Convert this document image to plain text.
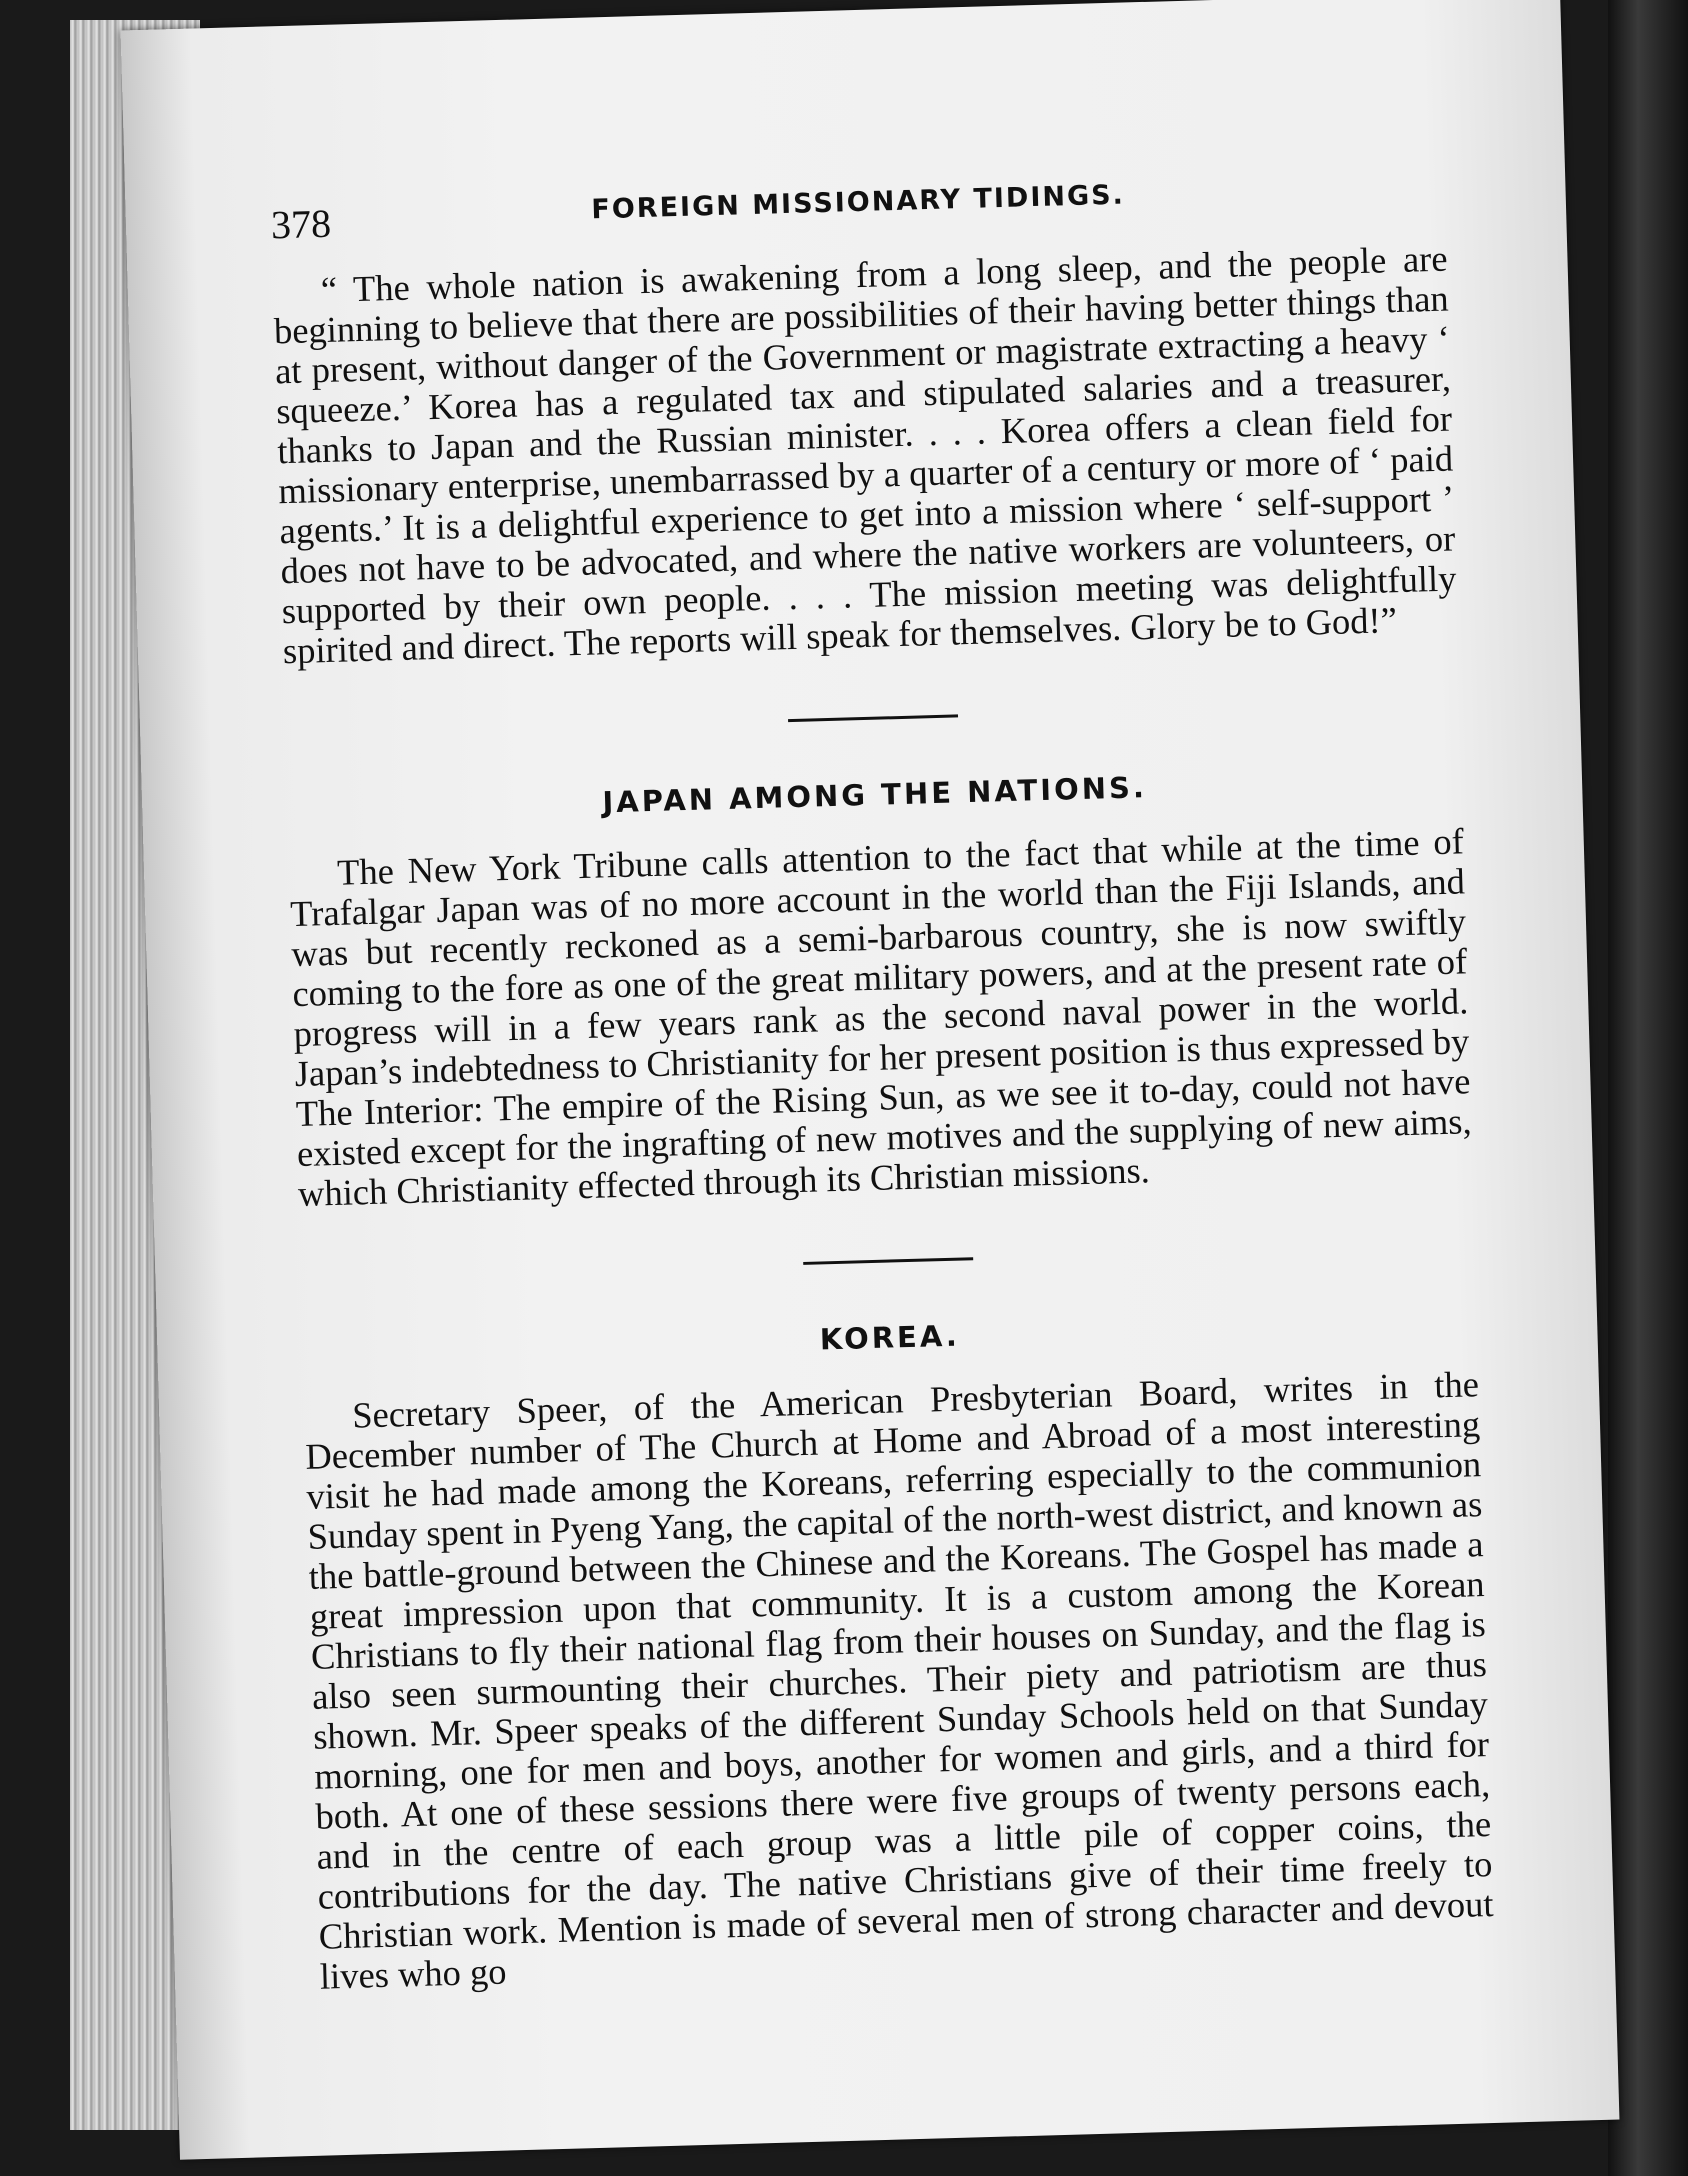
378	FOREIGN MISSIONARY TIDINGS.

“ The whole nation is awakening from a long sleep, and the people are beginning to believe that there are possibilities of their having better things than at present, without danger of the Government or magistrate extracting a heavy ‘ squeeze.’ Korea has a regulated tax and stipulated salaries and a treasurer, thanks to Japan and the Russian minister. . . . Korea offers a clean field for missionary enterprise, unembarrassed by a quarter of a century or more of ‘ paid agents.’ It is a delightful experience to get into a mission where ‘ self-support ’ does not have to be advocated, and where the native workers are volunteers, or supported by their own people. . . . The mission meeting was delightfully spirited and direct. The reports will speak for themselves. Glory be to God!”

JAPAN AMONG THE NATIONS.

The New York Tribune calls attention to the fact that while at the time of Trafalgar Japan was of no more account in the world than the Fiji Islands, and was but recently reckoned as a semi-barbarous country, she is now swiftly coming to the fore as one of the great military powers, and at the present rate of progress will in a few years rank as the second naval power in the world. Japan’s indebtedness to Christianity for her present position is thus expressed by The Interior: The empire of the Rising Sun, as we see it to-day, could not have existed except for the ingrafting of new motives and the supplying of new aims, which Christianity effected through its Christian missions.

KOREA.

Secretary Speer, of the American Presbyterian Board, writes in the December number of The Church at Home and Abroad of a most interesting visit he had made among the Koreans, referring especially to the communion Sunday spent in Pyeng Yang, the capital of the north-west district, and known as the battle-ground between the Chinese and the Koreans. The Gospel has made a great impression upon that community. It is a custom among the Korean Christians to fly their national flag from their houses on Sunday, and the flag is also seen surmounting their churches. Their piety and patriotism are thus shown. Mr. Speer speaks of the different Sunday Schools held on that Sunday morning, one for men and boys, another for women and girls, and a third for both. At one of these sessions there were five groups of twenty persons each, and in the centre of each group was a little pile of copper coins, the contributions for the day. The native Christians give of their time freely to Christian work. Mention is made of several men of strong character and devout lives who go
